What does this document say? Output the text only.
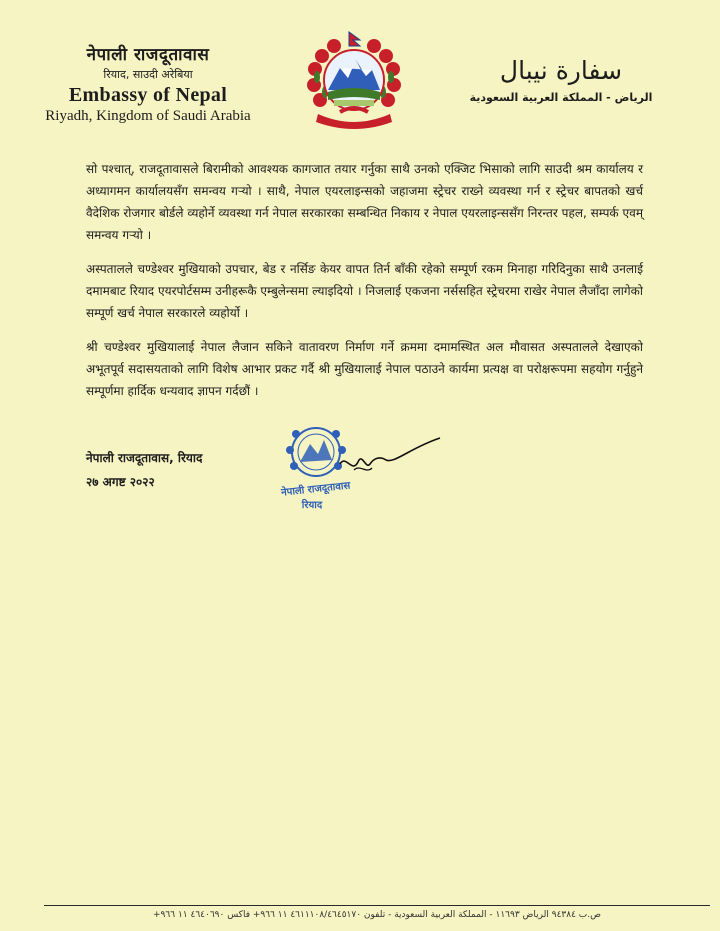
नेपाली राजदूतावास
रियाद, साउदी अरेबिया
Embassy of Nepal
Riyadh, Kingdom of Saudi Arabia
سفارة نيبال
الرياض - المملكة العربية السعودية

सो पश्चात्, राजदूतावासले बिरामीको आवश्यक कागजात तयार गर्नुका साथै उनको एक्जिट भिसाको लागि साउदी श्रम कार्यालय र अध्यागमन कार्यालयसँग समन्वय गऱ्यो । साथै, नेपाल एयरलाइन्सको जहाजमा स्ट्रेचर राख्ने व्यवस्था गर्न र स्ट्रेचर बापतको खर्च वैदेशिक रोजगार बोर्डले व्यहोर्ने व्यवस्था गर्न नेपाल सरकारका सम्बन्धित निकाय र नेपाल एयरलाइन्ससँग निरन्तर पहल, सम्पर्क एवम् समन्वय गऱ्यो ।

अस्पतालले चण्डेश्वर मुखियाको उपचार, बेड र नर्सिङ केयर वापत तिर्न बाँकी रहेको सम्पूर्ण रकम मिनाहा गरिदिनुका साथै उनलाई दमामबाट रियाद एयरपोर्टसम्म उनीहरूकै एम्बुलेन्समा ल्याइदियो । निजलाई एकजना नर्ससहित स्ट्रेचरमा राखेर नेपाल लैजाँदा लागेको सम्पूर्ण खर्च नेपाल सरकारले व्यहोर्यो ।

श्री चण्डेश्वर मुखियालाई नेपाल लैजान सकिने वातावरण निर्माण गर्ने क्रममा दमामस्थित अल मौवासत अस्पतालले देखाएको अभूतपूर्व सदासयताको लागि विशेष आभार प्रकट गर्दै श्री मुखियालाई नेपाल पठाउने कार्यमा प्रत्यक्ष वा परोक्षरूपमा सहयोग गर्नुहुने सम्पूर्णमा हार्दिक धन्यवाद ज्ञापन गर्दछौं ।

नेपाली राजदूतावास, रियाद
२७ अगष्ट २०२२	नेपाली राजदूतावास
रियाद
ص.ب ٩٤٣٨٤ الرياض ١١٦٩٣ - المملكة العربية السعودية - تلفون ٤٦١١١٠٨/٤٦٤٥١٧٠ ١١ ٩٦٦+ فاكس ٤٦٤٠٦٩٠ ١١ ٩٦٦+
